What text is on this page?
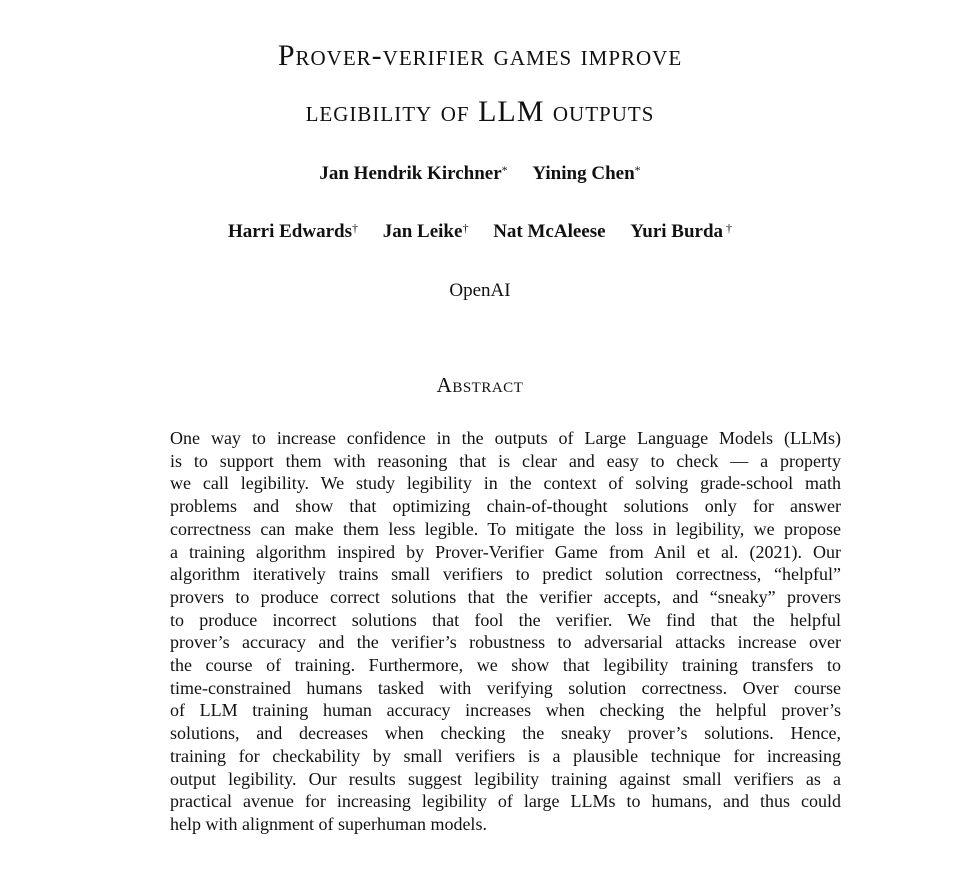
Prover-verifier games improve
legibility of LLM outputs
Jan Hendrik Kirchner* Yining Chen*
Harri Edwards† Jan Leike† Nat McAleese Yuri Burda †
OpenAI
Abstract
One way to increase confidence in the outputs of Large Language Models (LLMs)
is to support them with reasoning that is clear and easy to check — a property
we call legibility. We study legibility in the context of solving grade-school math
problems and show that optimizing chain-of-thought solutions only for answer
correctness can make them less legible. To mitigate the loss in legibility, we propose
a training algorithm inspired by Prover-Verifier Game from Anil et al. (2021). Our
algorithm iteratively trains small verifiers to predict solution correctness, “helpful”
provers to produce correct solutions that the verifier accepts, and “sneaky” provers
to produce incorrect solutions that fool the verifier. We find that the helpful
prover’s accuracy and the verifier’s robustness to adversarial attacks increase over
the course of training. Furthermore, we show that legibility training transfers to
time-constrained humans tasked with verifying solution correctness. Over course
of LLM training human accuracy increases when checking the helpful prover’s
solutions, and decreases when checking the sneaky prover’s solutions. Hence,
training for checkability by small verifiers is a plausible technique for increasing
output legibility. Our results suggest legibility training against small verifiers as a
practical avenue for increasing legibility of large LLMs to humans, and thus could
help with alignment of superhuman models.
